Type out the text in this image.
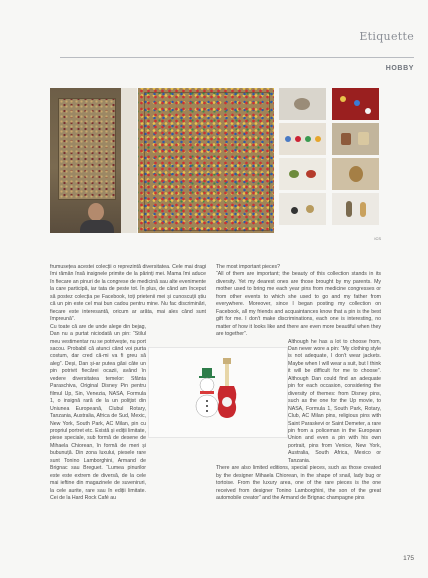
Etiquette
HOBBY
ICS

frumusețea acestei colecții o reprezintă diversitatea. Cele mai dragi îmi rămân însă insignele primite de la părinți mei. Mama îmi aduce în fiecare an pinuri de la congrese de medicină sau alte evenimente la care participă, iar tata de peste tot. În plus, de când am început să postez colecția pe Facebook, toți prietenii mei și cunoscuții știu că un pin este cel mai bun cadou pentru mine. Nu fac discriminări, fiecare este interesantă, oricum ar arăta, mai ales când sunt împreună”.

Cu toate că are de unde alege din bejag, Dan nu a purtat niciodată un pin: “Stilul meu vestimentar nu se potrivește, nu port sacou. Probabil că atunci când voi purta costum, dar cred că-mi va fi greu să aleg”. Deși, Dan și-ar putea găsi câte un pin potrivit fiecărei ocazii, având în vedere diversitatea temelor: Sfânta Paraschiva, Original Disney Pin pentru filmul Up, Sin, Venezia, NASA, Formula 1, o insignă rară de la un poliţist din Uniunea Europeană, Clubul Rotary, Tanzania, Australia, Africa de Sud, Mexic, New York, South Park, AC Milan, pin cu propriul portret etc. Există și ediții limitate, piese speciale, sub formă de desene de Mihaela Chiorean, în formă de meri și bubunuță. Din zona luxului, piesele rare sunt Tonino Lamborghini, Armand de Brignac sau Breguet. “Lumea pinurilor este este extrem de diversă, de la cele mai ieftine din magazinele de suveniruri, la cele aurite, rare sau în ediții limitate. Cei de la Hard Rock Café au

The most important pieces?

“All of them are important; the beauty of this collection stands in its diversity. Yet my dearest ones are those brought by my parents. My mother used to bring me each year pins from medicine congresses or from other events to which she used to go and my father from everywhere. Moreover, since I began posting my collection on Facebook, all my friends and acquaintances know that a pin is the best gift for me. I don't make discriminations, each one is interesting, no matter of how it looks like and there are even more beautiful when they are together”.

Although he has a lot to choose from, Dan never wore a pin: “My clothing style is not adequate, I don't wear jackets. Maybe when I will wear a suit, but I think it will be difficult for me to choose”. Although Dan could find an adequate pin for each occasion, considering the diversity of themes: from Disney pins, such as the one for the Up movie, to NASA, Formula 1, South Park, Rotary, Club, AC Milan pins, religious pins with Saint Paraskevi or Saint Demeter, a rare pin from a policeman in the European Union and even a pin with his own portrait, pins from Venice, New York, Australia, South Africa, Mexico or Tanzania.

There are also limited editions, special pieces, such as those created by the designer Mihaela Chiorean, in the shape of snail, lady bug or tortoise. From the luxury area, one of the rare pieces is the one received from designer Tonino Lamborghini, the son of the great automobile creator” and the Armand de Brignac champagne pins

175
